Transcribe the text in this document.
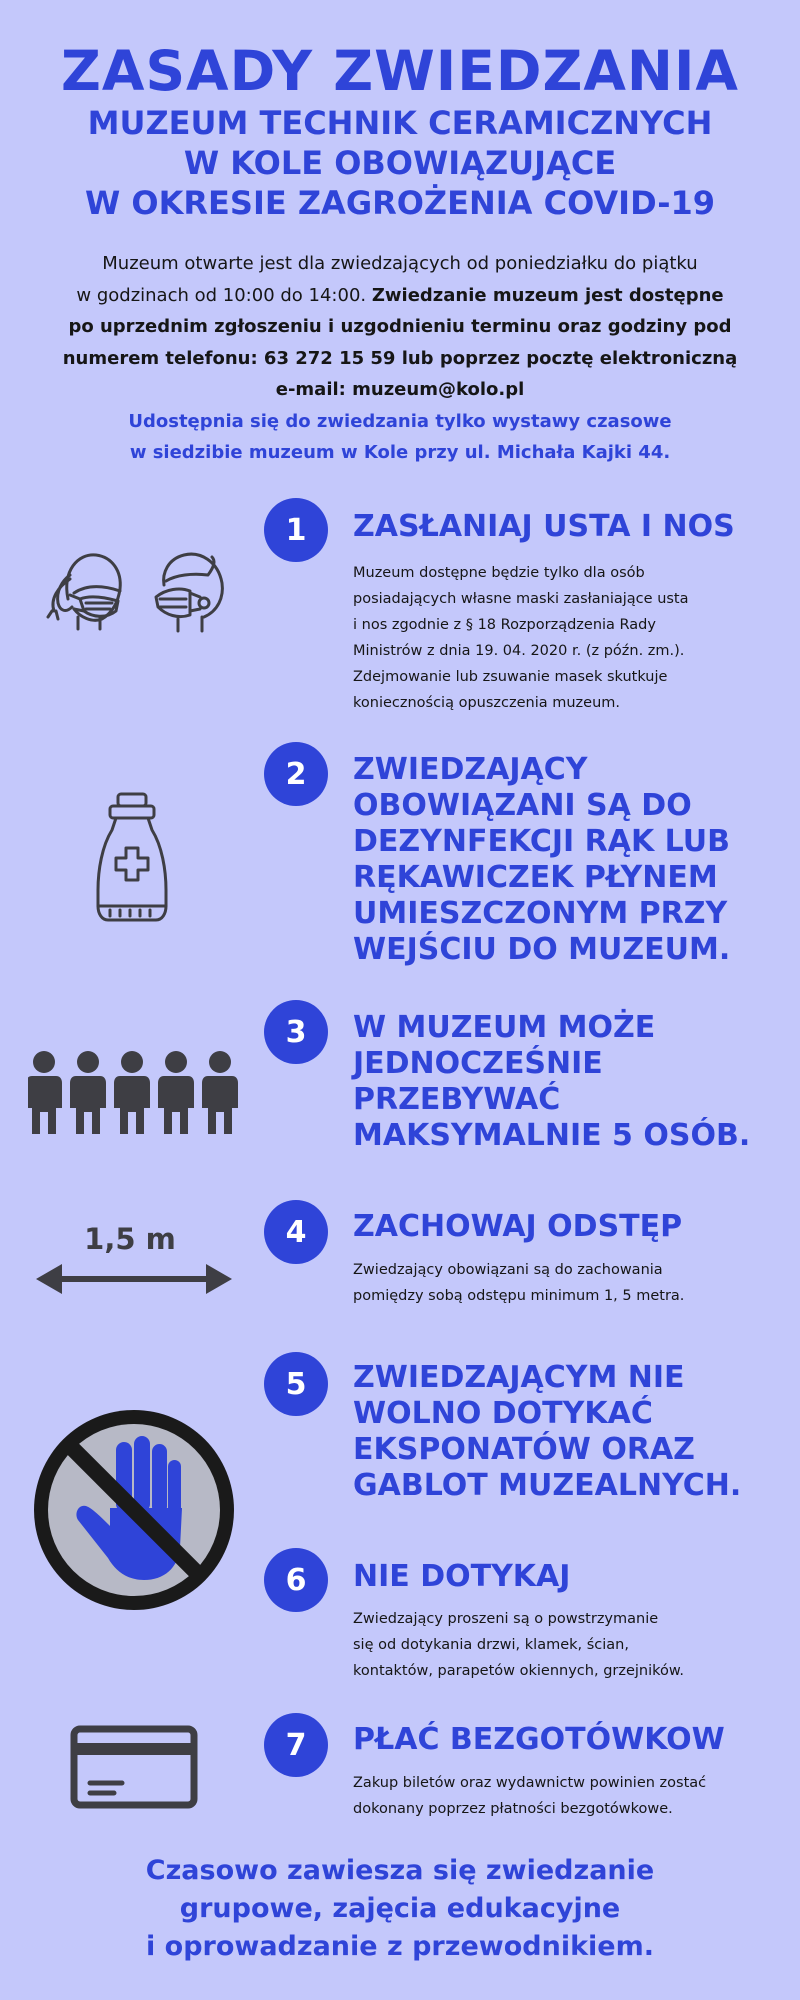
ZASADY ZWIEDZANIA
MUZEUM TECHNIK CERAMICZNYCH
W KOLE OBOWIĄZUJĄCE
W OKRESIE ZAGROŻENIA COVID-19
Muzeum otwarte jest dla zwiedzających od poniedziałku do piątku
w godzinach od 10:00 do 14:00. Zwiedzanie muzeum jest dostępne
po uprzednim zgłoszeniu i uzgodnieniu terminu oraz godziny pod
numerem telefonu: 63 272 15 59 lub poprzez pocztę elektroniczną
e-mail: muzeum@kolo.pl
Udostępnia się do zwiedzania tylko wystawy czasowe
w siedzibie muzeum w Kole przy ul. Michała Kajki 44.
1	ZASŁANIAJ USTA I NOS
Muzeum dostępne będzie tylko dla osób
posiadających własne maski zasłaniające usta
i nos zgodnie z § 18 Rozporządzenia Rady
Ministrów z dnia 19. 04. 2020 r. (z późn. zm.).
Zdejmowanie lub zsuwanie masek skutkuje
koniecznością opuszczenia muzeum.
2	ZWIEDZAJĄCY
OBOWIĄZANI SĄ DO
DEZYNFEKCJI RĄK LUB
RĘKAWICZEK PŁYNEM
UMIESZCZONYM PRZY
WEJŚCIU DO MUZEUM.
3	W MUZEUM MOŻE
JEDNOCZEŚNIE
PRZEBYWAĆ
MAKSYMALNIE 5 OSÓB.
1,5 m	4	ZACHOWAJ ODSTĘP
Zwiedzający obowiązani są do zachowania
pomiędzy sobą odstępu minimum 1, 5 metra.
5	ZWIEDZAJĄCYM NIE
WOLNO DOTYKAĆ
EKSPONATÓW ORAZ
GABLOT MUZEALNYCH.
6	NIE DOTYKAJ
Zwiedzający proszeni są o powstrzymanie
się od dotykania drzwi, klamek, ścian,
kontaktów, parapetów okiennych, grzejników.
7	PŁAĆ BEZGOTÓWKOW
Zakup biletów oraz wydawnictw powinien zostać
dokonany poprzez płatności bezgotówkowe.
Czasowo zawiesza się zwiedzanie
grupowe, zajęcia edukacyjne
i oprowadzanie z przewodnikiem.
